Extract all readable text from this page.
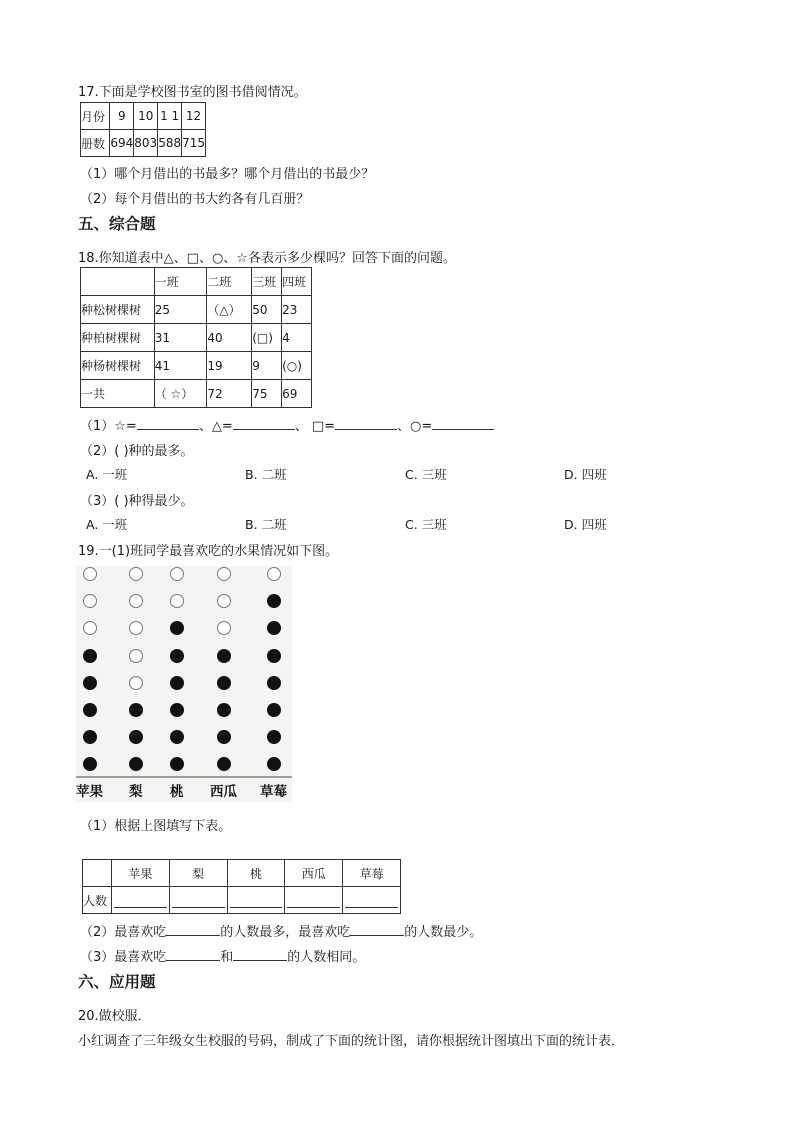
17.下面是学校图书室的图书借阅情况。
月份	9	10	1 1	12
册数	694	803	588	715
（1）哪个月借出的书最多？哪个月借出的书最少？
（2）每个月借出的书大约各有几百册？
五、综合题
18.你知道表中△、□、○、☆各表示多少棵吗？回答下面的问题。
	一班	二班	三班	四班
种松树棵树	25	（△）	50	23
种柏树棵树	31	40	(□)	4
种杨树棵树	41	19	9	(○)
一共	（ ☆）	72	75	69
（1）☆=	、△=	、 □=	、○=
（2）( )种的最多。
A. 一班	B. 二班	C. 三班	D. 四班
（3）( )种得最少。
A. 一班	B. 二班	C. 三班	D. 四班
19.一(1)班同学最喜欢吃的水果情况如下图。
苹果 梨 桃 西瓜 草莓
（1）根据上图填写下表。
	苹果	梨	桃	西瓜	草莓
人数	

（2）最喜欢吃	的人数最多，最喜欢吃	的人数最少。
（3）最喜欢吃	和	的人数相同。
六、应用题
20.做校服．
小红调查了三年级女生校服的号码，制成了下面的统计图，请你根据统计图填出下面的统计表．
